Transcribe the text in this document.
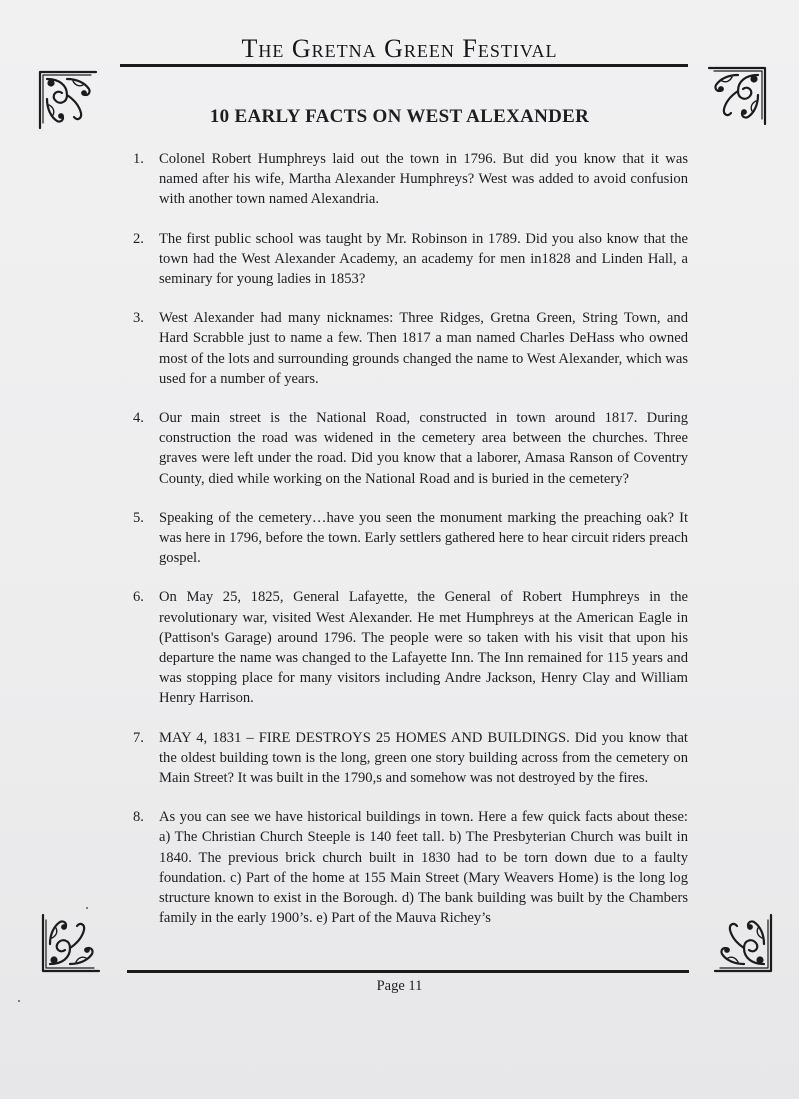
The Gretna Green Festival
10 EARLY FACTS ON WEST ALEXANDER
1. Colonel Robert Humphreys laid out the town in 1796. But did you know that it was named after his wife, Martha Alexander Humphreys? West was added to avoid confusion with another town named Alexandria.
2. The first public school was taught by Mr. Robinson in 1789. Did you also know that the town had the West Alexander Academy, an academy for men in1828 and Linden Hall, a seminary for young ladies in 1853?
3. West Alexander had many nicknames: Three Ridges, Gretna Green, String Town, and Hard Scrabble just to name a few. Then 1817 a man named Charles DeHass who owned most of the lots and surrounding grounds changed the name to West Alexander, which was used for a number of years.
4. Our main street is the National Road, constructed in town around 1817. During construction the road was widened in the cemetery area between the churches. Three graves were left under the road. Did you know that a laborer, Amasa Ranson of Coventry County, died while working on the National Road and is buried in the cemetery?
5. Speaking of the cemetery…have you seen the monument marking the preaching oak? It was here in 1796, before the town. Early settlers gathered here to hear circuit riders preach gospel.
6. On May 25, 1825, General Lafayette, the General of Robert Humphreys in the revolutionary war, visited West Alexander. He met Humphreys at the American Eagle in (Pattison's Garage) around 1796. The people were so taken with his visit that upon his departure the name was changed to the Lafayette Inn. The Inn remained for 115 years and was stopping place for many visitors including Andre Jackson, Henry Clay and William Henry Harrison.
7. MAY 4, 1831 – FIRE DESTROYS 25 HOMES AND BUILDINGS. Did you know that the oldest building town is the long, green one story building across from the cemetery on Main Street? It was built in the 1790,s and somehow was not destroyed by the fires.
8. As you can see we have historical buildings in town. Here a few quick facts about these: a) The Christian Church Steeple is 140 feet tall. b) The Presbyterian Church was built in 1840. The previous brick church built in 1830 had to be torn down due to a faulty foundation. c) Part of the home at 155 Main Street (Mary Weavers Home) is the long log structure known to exist in the Borough. d) The bank building was built by the Chambers family in the early 1900’s. e) Part of the Mauva Richey’s
Page 11
